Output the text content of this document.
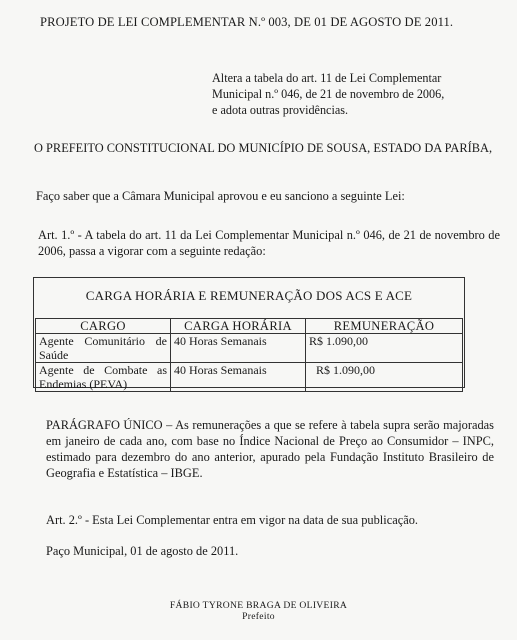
PROJETO DE LEI COMPLEMENTAR N.º 003, DE 01 DE AGOSTO DE 2011.
Altera a tabela do art. 11 de Lei Complementar
Municipal n.º 046, de 21 de novembro de 2006,
e adota outras providências.
O PREFEITO CONSTITUCIONAL DO MUNICÍPIO DE SOUSA, ESTADO DA PARÍBA,
Faço saber que a Câmara Municipal aprovou e eu sanciono a seguinte Lei:
Art. 1.º - A tabela do art. 11 da Lei Complementar Municipal n.º 046, de 21 de novembro de 2006, passa a vigorar com a seguinte redação:
CARGA HORÁRIA E REMUNERAÇÃO DOS ACS E ACE
CARGO	CARGA HORÁRIA	REMUNERAÇÃO
Agente Comunitário de Saúde	40 Horas Semanais	R$ 1.090,00
Agente de Combate as Endemias (PEVA)	40 Horas Semanais	R$ 1.090,00
PARÁGRAFO ÚNICO – As remunerações a que se refere à tabela supra serão majoradas em janeiro de cada ano, com base no Índice Nacional de Preço ao Consumidor – INPC, estimado para dezembro do ano anterior, apurado pela Fundação Instituto Brasileiro de Geografia e Estatística – IBGE.
Art. 2.º - Esta Lei Complementar entra em vigor na data de sua publicação.
Paço Municipal, 01 de agosto de 2011.
FÁBIO TYRONE BRAGA DE OLIVEIRA
Prefeito
